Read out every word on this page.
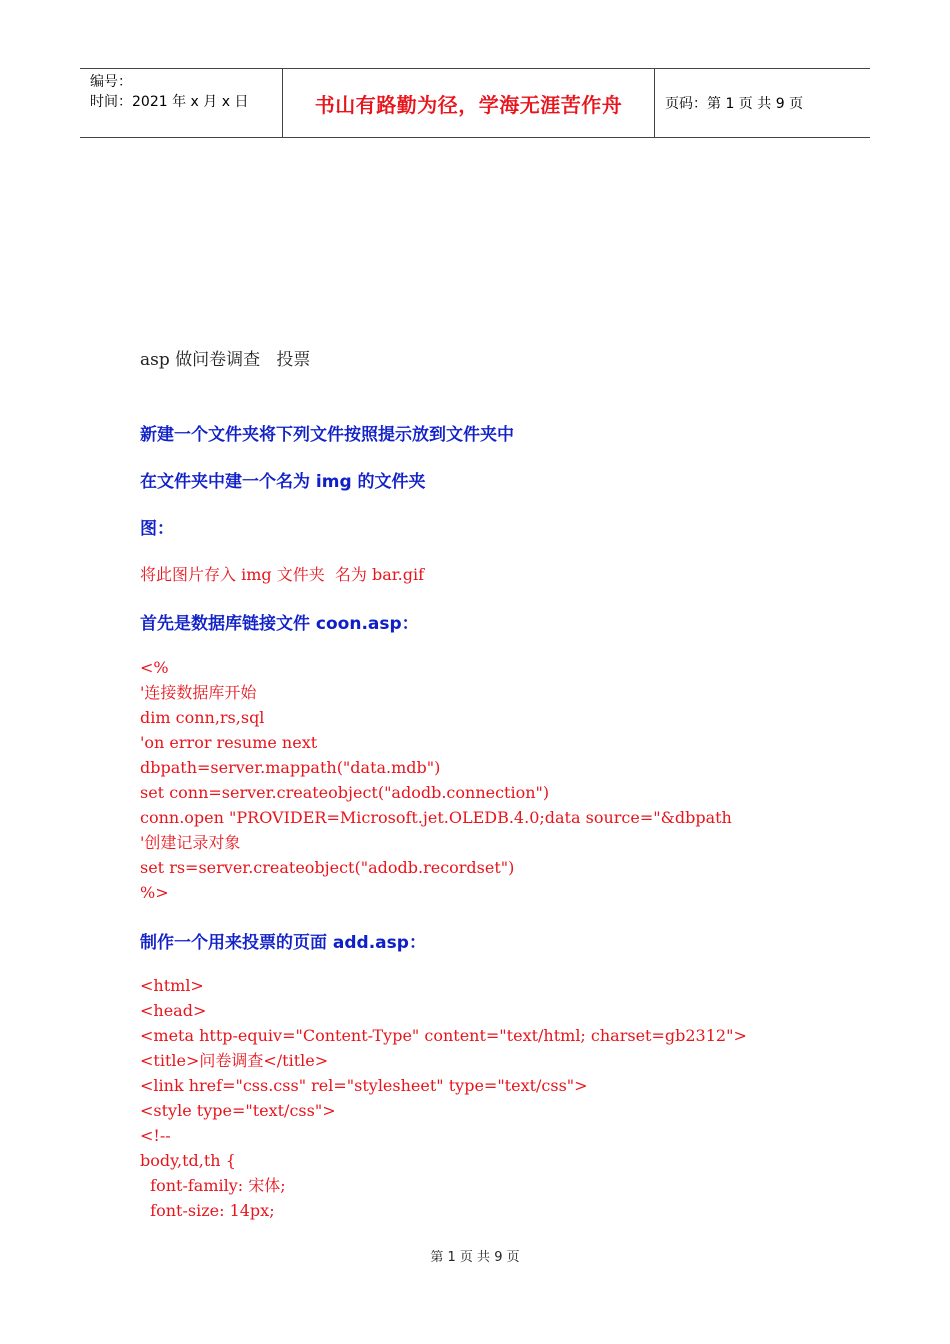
编号：
时间：2021 年 x 月 x 日	书山有路勤为径，学海无涯苦作舟	页码：第 1 页 共 9 页
asp 做问卷调查   投票
新建一个文件夹将下列文件按照提示放到文件夹中
在文件夹中建一个名为 img 的文件夹
图：
将此图片存入 img 文件夹  名为 bar.gif
首先是数据库链接文件 coon.asp：
<%
'连接数据库开始
dim conn,rs,sql
'on error resume next
dbpath=server.mappath("data.mdb")
set conn=server.createobject("adodb.connection")
conn.open "PROVIDER=Microsoft.jet.OLEDB.4.0;data source="&dbpath
'创建记录对象
set rs=server.createobject("adodb.recordset")
%>
制作一个用来投票的页面 add.asp：
<html>
<head>
<meta http-equiv="Content-Type" content="text/html; charset=gb2312">
<title>问卷调查</title>
<link href="css.css" rel="stylesheet" type="text/css">
<style type="text/css">
<!--
body,td,th {
font-family: 宋体;
font-size: 14px;
第 1 页 共 9 页
